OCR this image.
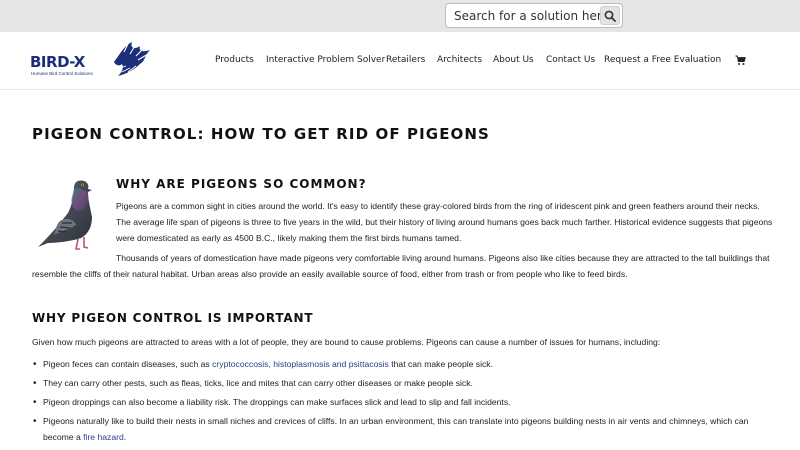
Search for a solution here...
BIRD-X
Humane Bird Control Solutions
Products Interactive Problem Solver Retailers Architects About Us Contact Us Request a Free Evaluation
PIGEON CONTROL: HOW TO GET RID OF PIGEONS
WHY ARE PIGEONS SO COMMON?

Pigeons are a common sight in cities around the world. It's easy to identify these gray-colored birds from the ring of iridescent pink and green feathers around their necks. The average life span of pigeons is three to five years in the wild, but their history of living around humans goes back much farther. Historical evidence suggests that pigeons were domesticated as early as 4500 B.C., likely making them the first birds humans tamed.

Thousands of years of domestication have made pigeons very comfortable living around humans. Pigeons also like cities because they are attracted to the tall buildings that resemble the cliffs of their natural habitat. Urban areas also provide an easily available source of food, either from trash or from people who like to feed birds.

WHY PIGEON CONTROL IS IMPORTANT

Given how much pigeons are attracted to areas with a lot of people, they are bound to cause problems. Pigeons can cause a number of issues for humans, including:

• Pigeon feces can contain diseases, such as cryptococcosis, histoplasmosis and psittacosis that can make people sick.
• They can carry other pests, such as fleas, ticks, lice and mites that can carry other diseases or make people sick.
• Pigeon droppings can also become a liability risk. The droppings can make surfaces slick and lead to slip and fall incidents.
• Pigeons naturally like to build their nests in small niches and crevices of cliffs. In an urban environment, this can translate into pigeons building nests in air vents and chimneys, which can become a fire hazard.
